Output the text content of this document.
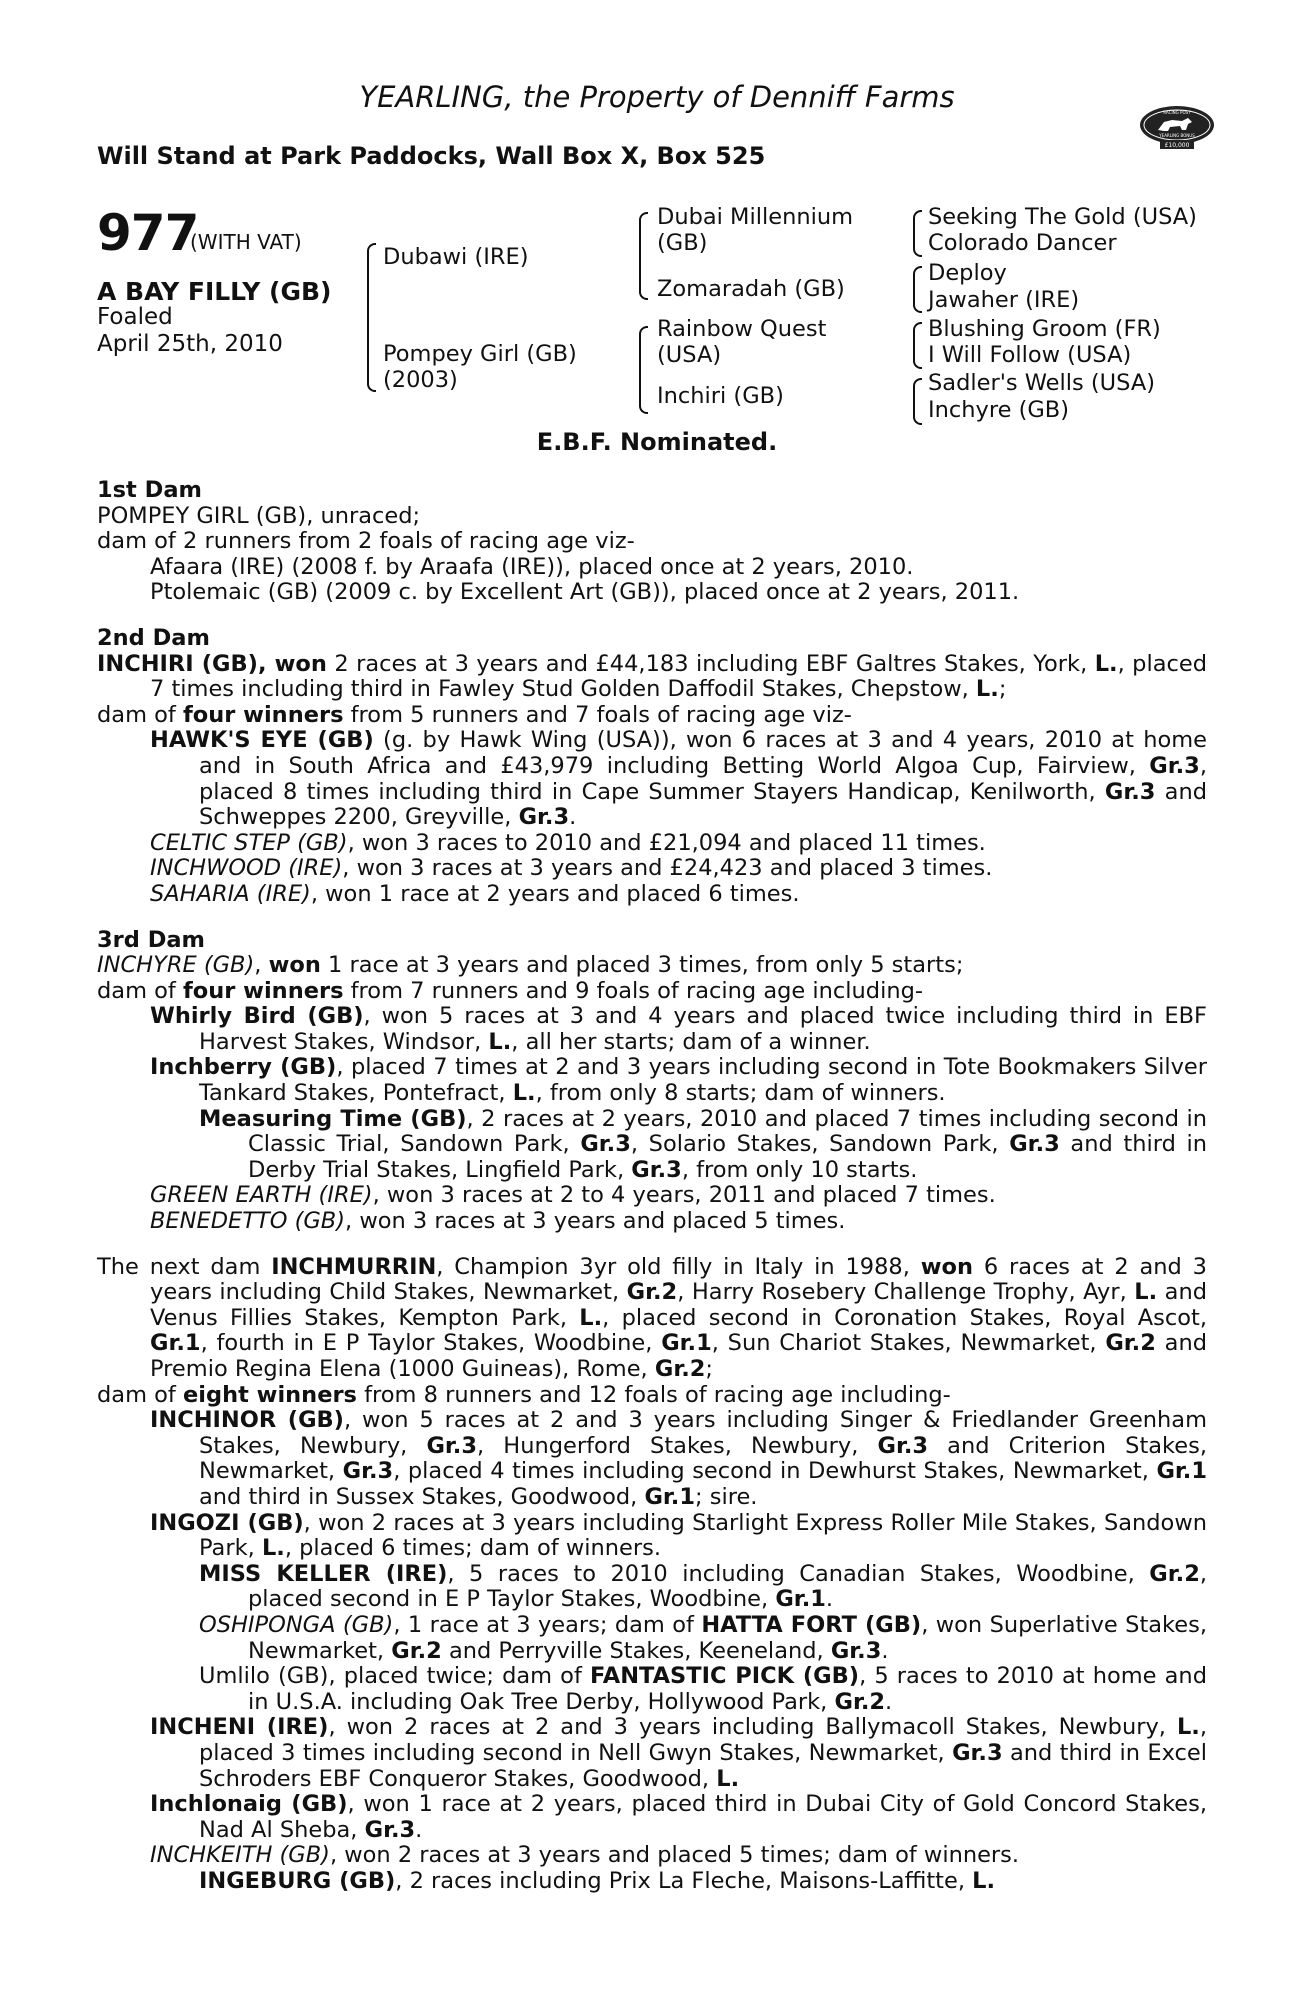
YEARLING, the Property of Denniff Farms
Will Stand at Park Paddocks, Wall Box X, Box 525	£10,000
RACING POST
YEARLING BONUS
977
(WITH VAT)
A BAY FILLY (GB)
Foaled
April 25th, 2010
Dubawi (IRE)
Pompey Girl (GB)
(2003)
Dubai Millennium
(GB)
Zomaradah (GB)
Rainbow Quest
(USA)
Inchiri (GB)
Seeking The Gold (USA)
Colorado Dancer
Deploy
Jawaher (IRE)
Blushing Groom (FR)
I Will Follow (USA)
Sadler's Wells (USA)
Inchyre (GB)
E.B.F. Nominated.

1st Dam

POMPEY GIRL (GB), unraced;

dam of 2 runners from 2 foals of racing age viz-

Afaara (IRE) (2008 f. by Araafa (IRE)), placed once at 2 years, 2010.

Ptolemaic (GB) (2009 c. by Excellent Art (GB)), placed once at 2 years, 2011.

2nd Dam

INCHIRI (GB), won 2 races at 3 years and £44,183 including EBF Galtres Stakes, York, L., placed 7 times including third in Fawley Stud Golden Daffodil Stakes, Chepstow, L.;

dam of four winners from 5 runners and 7 foals of racing age viz-

HAWK'S EYE (GB) (g. by Hawk Wing (USA)), won 6 races at 3 and 4 years, 2010 at home and in South Africa and £43,979 including Betting World Algoa Cup, Fairview, Gr.3, placed 8 times including third in Cape Summer Stayers Handicap, Kenilworth, Gr.3 and Schweppes 2200, Greyville, Gr.3.

CELTIC STEP (GB), won 3 races to 2010 and £21,094 and placed 11 times.

INCHWOOD (IRE), won 3 races at 3 years and £24,423 and placed 3 times.

SAHARIA (IRE), won 1 race at 2 years and placed 6 times.

3rd Dam

INCHYRE (GB), won 1 race at 3 years and placed 3 times, from only 5 starts;

dam of four winners from 7 runners and 9 foals of racing age including-

Whirly Bird (GB), won 5 races at 3 and 4 years and placed twice including third in EBF Harvest Stakes, Windsor, L., all her starts; dam of a winner.

Inchberry (GB), placed 7 times at 2 and 3 years including second in Tote Bookmakers Silver Tankard Stakes, Pontefract, L., from only 8 starts; dam of winners.

Measuring Time (GB), 2 races at 2 years, 2010 and placed 7 times including second in Classic Trial, Sandown Park, Gr.3, Solario Stakes, Sandown Park, Gr.3 and third in Derby Trial Stakes, Lingfield Park, Gr.3, from only 10 starts.

GREEN EARTH (IRE), won 3 races at 2 to 4 years, 2011 and placed 7 times.

BENEDETTO (GB), won 3 races at 3 years and placed 5 times.

The next dam INCHMURRIN, Champion 3yr old filly in Italy in 1988, won 6 races at 2 and 3 years including Child Stakes, Newmarket, Gr.2, Harry Rosebery Challenge Trophy, Ayr, L. and Venus Fillies Stakes, Kempton Park, L., placed second in Coronation Stakes, Royal Ascot, Gr.1, fourth in E P Taylor Stakes, Woodbine, Gr.1, Sun Chariot Stakes, Newmarket, Gr.2 and Premio Regina Elena (1000 Guineas), Rome, Gr.2;

dam of eight winners from 8 runners and 12 foals of racing age including-

INCHINOR (GB), won 5 races at 2 and 3 years including Singer & Friedlander Greenham Stakes, Newbury, Gr.3, Hungerford Stakes, Newbury, Gr.3 and Criterion Stakes, Newmarket, Gr.3, placed 4 times including second in Dewhurst Stakes, Newmarket, Gr.1 and third in Sussex Stakes, Goodwood, Gr.1; sire.

INGOZI (GB), won 2 races at 3 years including Starlight Express Roller Mile Stakes, Sandown Park, L., placed 6 times; dam of winners.

MISS KELLER (IRE), 5 races to 2010 including Canadian Stakes, Woodbine, Gr.2, placed second in E P Taylor Stakes, Woodbine, Gr.1.

OSHIPONGA (GB), 1 race at 3 years; dam of HATTA FORT (GB), won Superlative Stakes, Newmarket, Gr.2 and Perryville Stakes, Keeneland, Gr.3.

Umlilo (GB), placed twice; dam of FANTASTIC PICK (GB), 5 races to 2010 at home and in U.S.A. including Oak Tree Derby, Hollywood Park, Gr.2.

INCHENI (IRE), won 2 races at 2 and 3 years including Ballymacoll Stakes, Newbury, L., placed 3 times including second in Nell Gwyn Stakes, Newmarket, Gr.3 and third in Excel Schroders EBF Conqueror Stakes, Goodwood, L.

Inchlonaig (GB), won 1 race at 2 years, placed third in Dubai City of Gold Concord Stakes, Nad Al Sheba, Gr.3.

INCHKEITH (GB), won 2 races at 3 years and placed 5 times; dam of winners.

INGEBURG (GB), 2 races including Prix La Fleche, Maisons-Laffitte, L.
